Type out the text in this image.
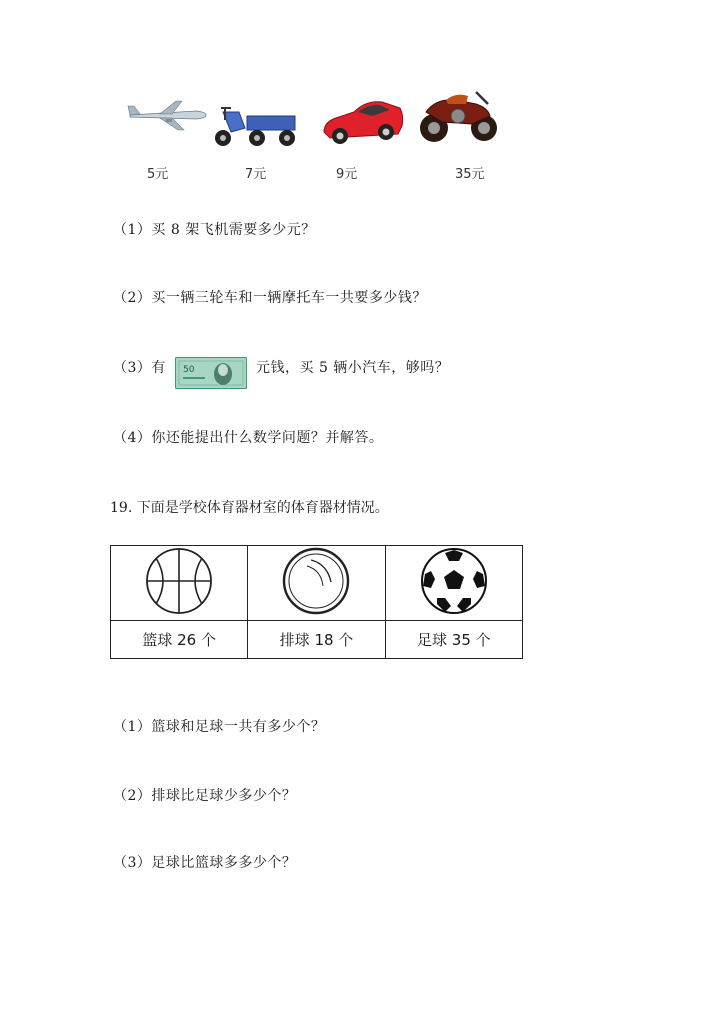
5元	7元	9元	35元
（1）买 8 架飞机需要多少元？
（2）买一辆三轮车和一辆摩托车一共要多少钱？
（3）有 50	元钱，买 5 辆小汽车，够吗？
（4）你还能提出什么数学问题？并解答。
19. 下面是学校体育器材室的体育器材情况。

篮球 26 个	排球 18 个	足球 35 个
（1）篮球和足球一共有多少个？
（2）排球比足球少多少个？
（3）足球比篮球多多少个？
